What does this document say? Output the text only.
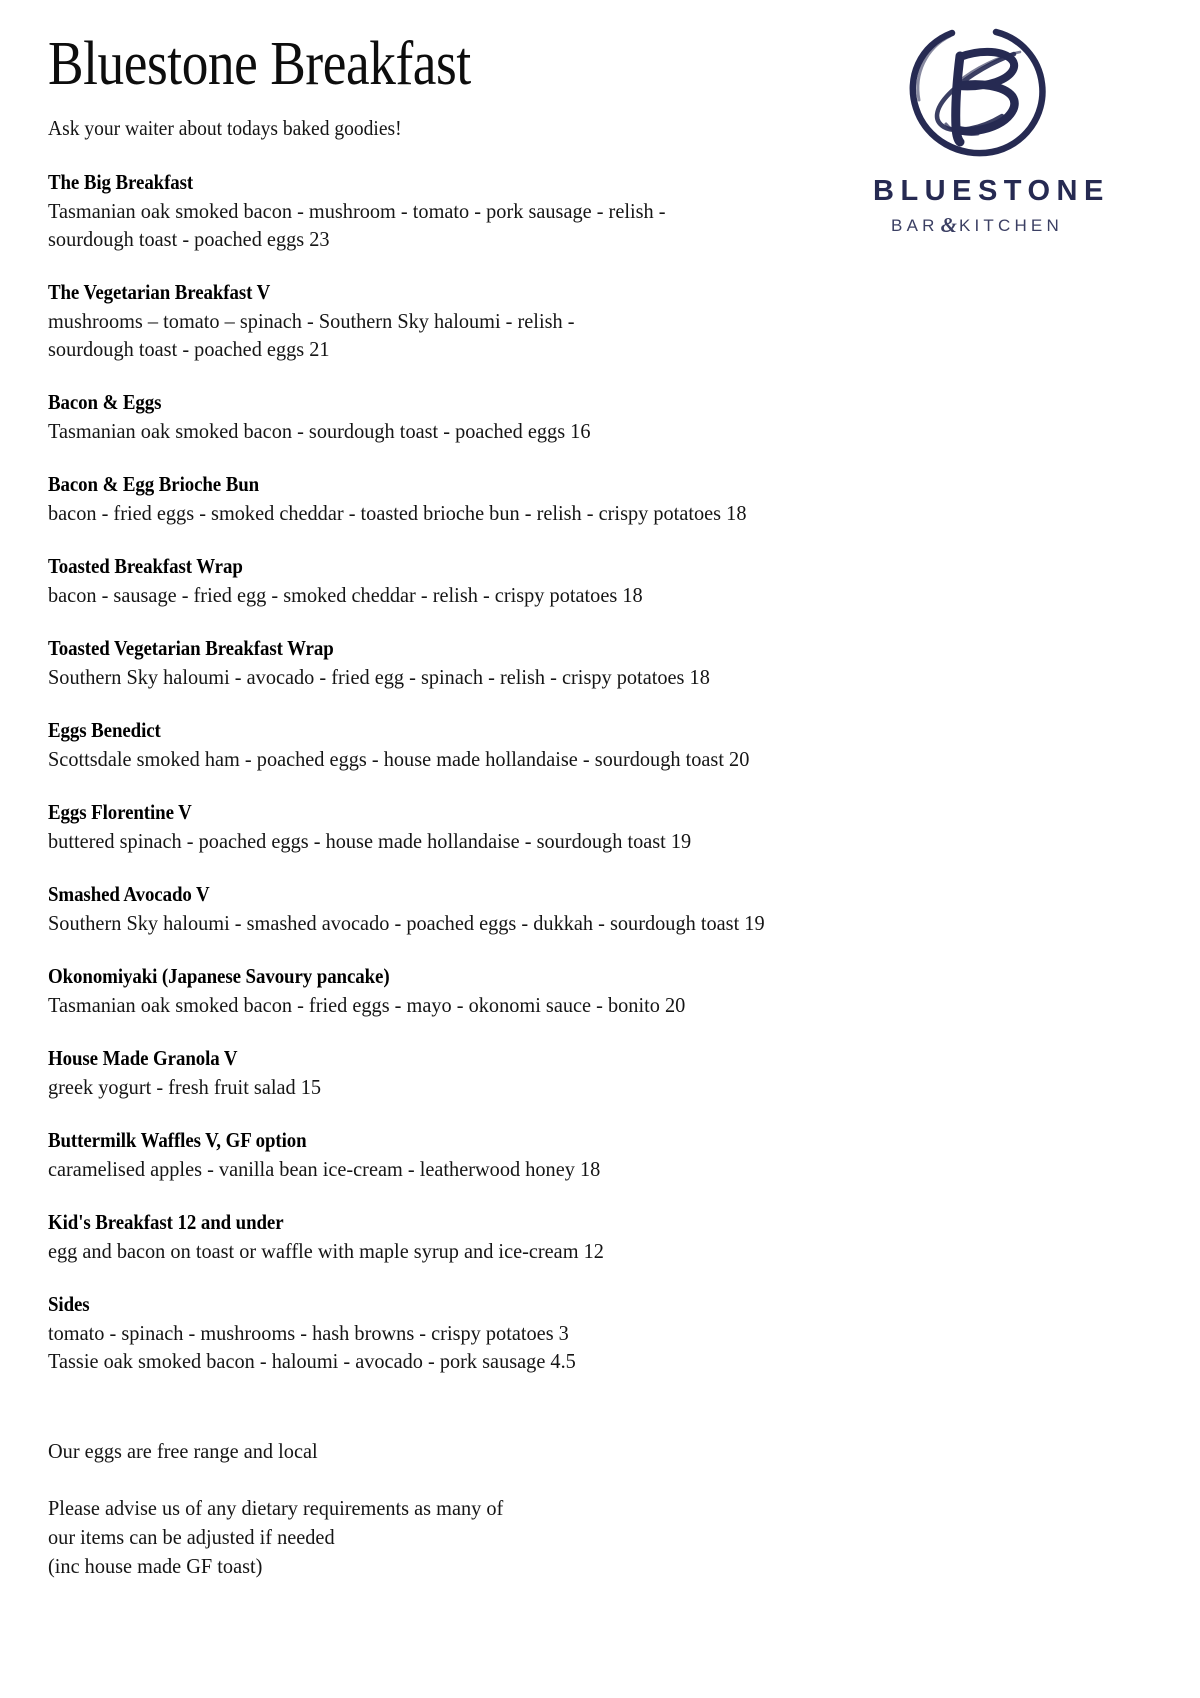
Bluestone Breakfast
Ask your waiter about todays baked goodies!
BLUESTONE
BAR & KITCHEN
The Big Breakfast
Tasmanian oak smoked bacon - mushroom - tomato - pork sausage - relish -
sourdough toast - poached eggs 23
The Vegetarian Breakfast V
mushrooms – tomato – spinach - Southern Sky haloumi - relish -
sourdough toast - poached eggs 21
Bacon & Eggs
Tasmanian oak smoked bacon - sourdough toast - poached eggs 16
Bacon & Egg Brioche Bun
bacon - fried eggs - smoked cheddar - toasted brioche bun - relish - crispy potatoes 18
Toasted Breakfast Wrap
bacon - sausage - fried egg - smoked cheddar - relish - crispy potatoes 18
Toasted Vegetarian Breakfast Wrap
Southern Sky haloumi - avocado - fried egg - spinach - relish - crispy potatoes 18
Eggs Benedict
Scottsdale smoked ham - poached eggs - house made hollandaise - sourdough toast 20
Eggs Florentine V
buttered spinach - poached eggs - house made hollandaise - sourdough toast 19
Smashed Avocado V
Southern Sky haloumi - smashed avocado - poached eggs - dukkah - sourdough toast 19
Okonomiyaki (Japanese Savoury pancake)
Tasmanian oak smoked bacon - fried eggs - mayo - okonomi sauce - bonito 20
House Made Granola V
greek yogurt - fresh fruit salad 15
Buttermilk Waffles V, GF option
caramelised apples - vanilla bean ice-cream - leatherwood honey 18
Kid's Breakfast 12 and under
egg and bacon on toast or waffle with maple syrup and ice-cream 12
Sides
tomato - spinach - mushrooms - hash browns - crispy potatoes 3
Tassie oak smoked bacon - haloumi - avocado - pork sausage 4.5
Our eggs are free range and local
Please advise us of any dietary requirements as many of
our items can be adjusted if needed
(inc house made GF toast)
